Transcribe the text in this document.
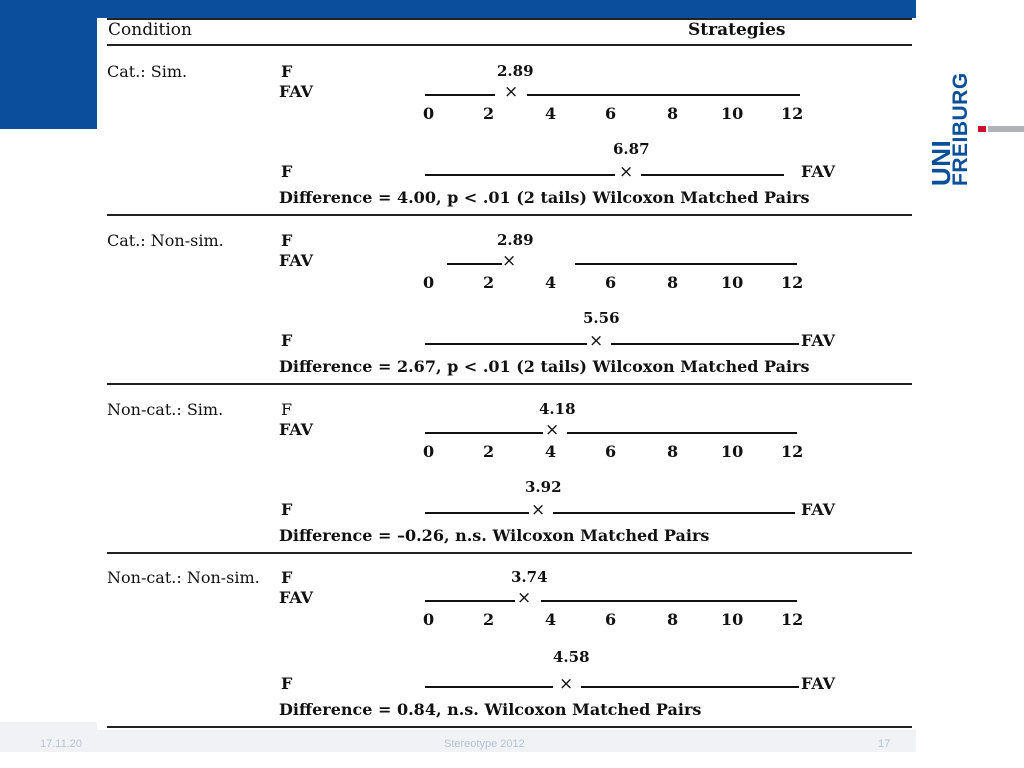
17.11.20	Stereotype 2012	17
UNI
FREIBURG
Condition	Strategies
Cat.: Sim.	F
FAV
2.89
×
0	2	4	6	8	10 12
6.87
F	×	FAV
Difference = 4.00, p < .01 (2 tails) Wilcoxon Matched Pairs
Cat.: Non-sim.	F
FAV
2.89
×
0	2	4	6	8	10 12
5.56
F	×	FAV
Difference = 2.67, p < .01 (2 tails) Wilcoxon Matched Pairs
Non-cat.: Sim.	F
FAV
4.18
×
0	2	4	6	8	10 12
3.92
F	×	FAV
Difference = –0.26, n.s. Wilcoxon Matched Pairs
Non-cat.: Non-sim. F
FAV
3.74
×
0	2	4	6	8	10 12
4.58
F	×	FAV
Difference = 0.84, n.s. Wilcoxon Matched Pairs
